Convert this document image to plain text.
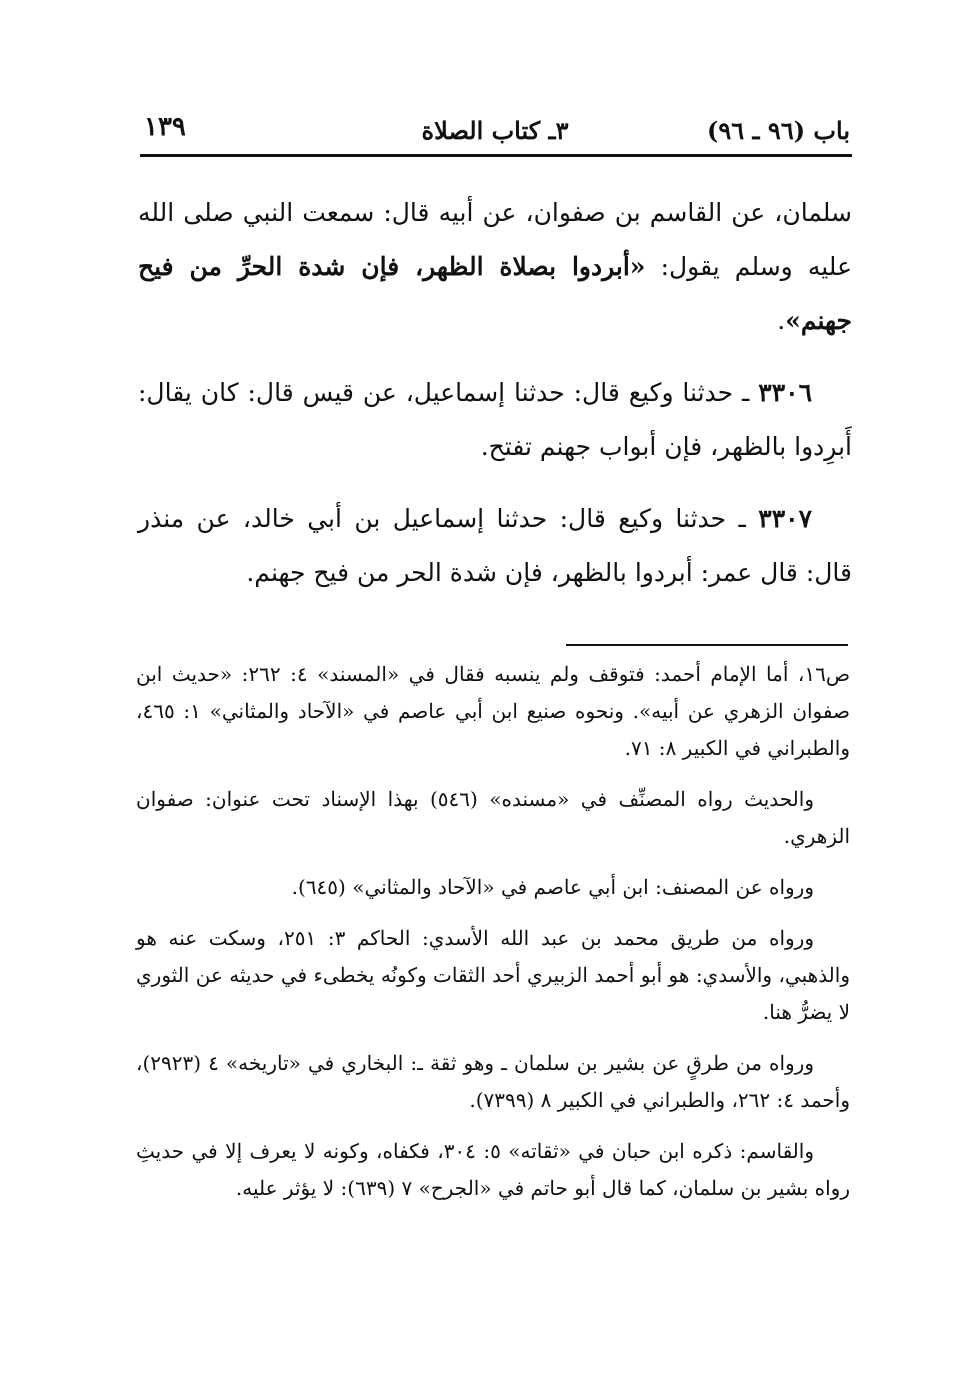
باب (٩٦ ـ ٩٦)
٣ـ كتاب الصلاة
١٣٩

سلمان، عن القاسم بن صفوان، عن أبيه قال: سمعت النبي صلى الله عليه وسلم يقول: «أبردوا بصلاة الظهر، فإن شدة الحرِّ من فيح جهنم».

٣٣٠٦ ـ حدثنا وكيع قال: حدثنا إسماعيل، عن قيس قال: كان يقال: أَبرِدوا بالظهر، فإن أبواب جهنم تفتح.

٣٣٠٧ ـ حدثنا وكيع قال: حدثنا إسماعيل بن أبي خالد، عن منذر قال: قال عمر: أبردوا بالظهر، فإن شدة الحر من فيح جهنم.

ص١٦، أما الإمام أحمد: فتوقف ولم ينسبه فقال في «المسند» ٤: ٢٦٢: «حديث ابن صفوان الزهري عن أبيه». ونحوه صنيع ابن أبي عاصم في «الآحاد والمثاني» ١: ٤٦٥، والطبراني في الكبير ٨: ٧١.

والحديث رواه المصنِّف في «مسنده» (٥٤٦) بهذا الإسناد تحت عنوان: صفوان الزهري.

ورواه عن المصنف: ابن أبي عاصم في «الآحاد والمثاني» (٦٤٥).

ورواه من طريق محمد بن عبد الله الأسدي: الحاكم ٣: ٢٥١، وسكت عنه هو والذهبي، والأسدي: هو أبو أحمد الزبيري أحد الثقات وكونُه يخطىء في حديثه عن الثوري لا يضرُّ هنا.

ورواه من طرقٍ عن بشير بن سلمان ـ وهو ثقة ـ: البخاري في «تاريخه» ٤ (٢٩٢٣)، وأحمد ٤: ٢٦٢، والطبراني في الكبير ٨ (٧٣٩٩).

والقاسم: ذكره ابن حبان في «ثقاته» ٥: ٣٠٤، فكفاه، وكونه لا يعرف إلا في حديثِ رواه بشير بن سلمان، كما قال أبو حاتم في «الجرح» ٧ (٦٣٩): لا يؤثر عليه.
